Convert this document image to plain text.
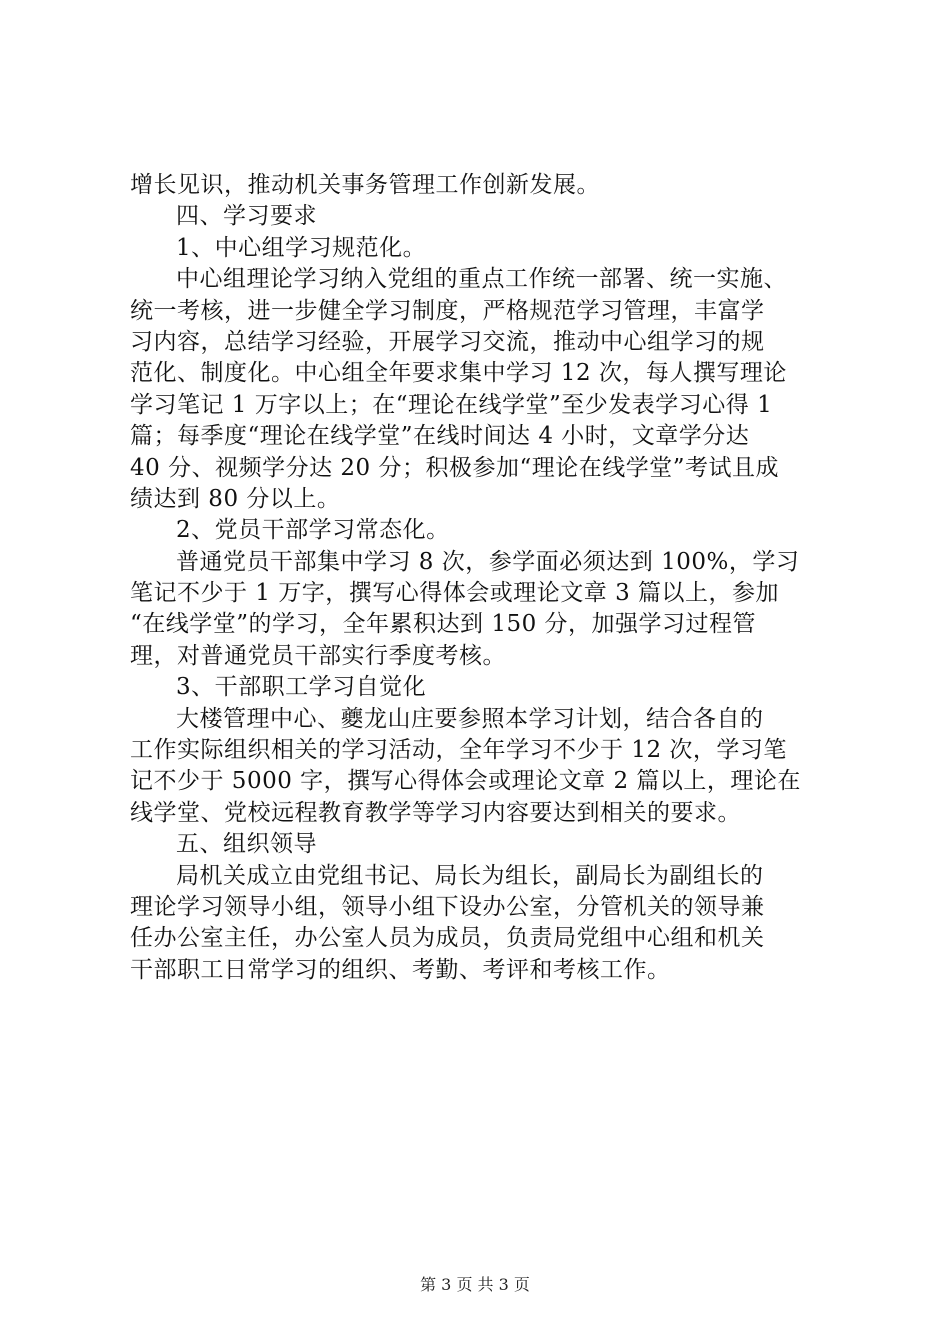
增长见识，推动机关事务管理工作创新发展。
四、学习要求
1、中心组学习规范化。
中心组理论学习纳入党组的重点工作统一部署、统一实施、
统一考核，进一步健全学习制度，严格规范学习管理，丰富学
习内容，总结学习经验，开展学习交流，推动中心组学习的规
范化、制度化。中心组全年要求集中学习 12 次，每人撰写理论
学习笔记 1 万字以上；在“理论在线学堂”至少发表学习心得 1
篇；每季度“理论在线学堂”在线时间达 4 小时，文章学分达
40 分、视频学分达 20 分；积极参加“理论在线学堂”考试且成
绩达到 80 分以上。
2、党员干部学习常态化。
普通党员干部集中学习 8 次，参学面必须达到 100%，学习
笔记不少于 1 万字，撰写心得体会或理论文章 3 篇以上，参加
“在线学堂”的学习，全年累积达到 150 分，加强学习过程管
理，对普通党员干部实行季度考核。
3、干部职工学习自觉化
大楼管理中心、夔龙山庄要参照本学习计划，结合各自的
工作实际组织相关的学习活动，全年学习不少于 12 次，学习笔
记不少于 5000 字，撰写心得体会或理论文章 2 篇以上，理论在
线学堂、党校远程教育教学等学习内容要达到相关的要求。
五、组织领导
局机关成立由党组书记、局长为组长，副局长为副组长的
理论学习领导小组，领导小组下设办公室，分管机关的领导兼
任办公室主任，办公室人员为成员，负责局党组中心组和机关
干部职工日常学习的组织、考勤、考评和考核工作。
第 3 页 共 3 页
